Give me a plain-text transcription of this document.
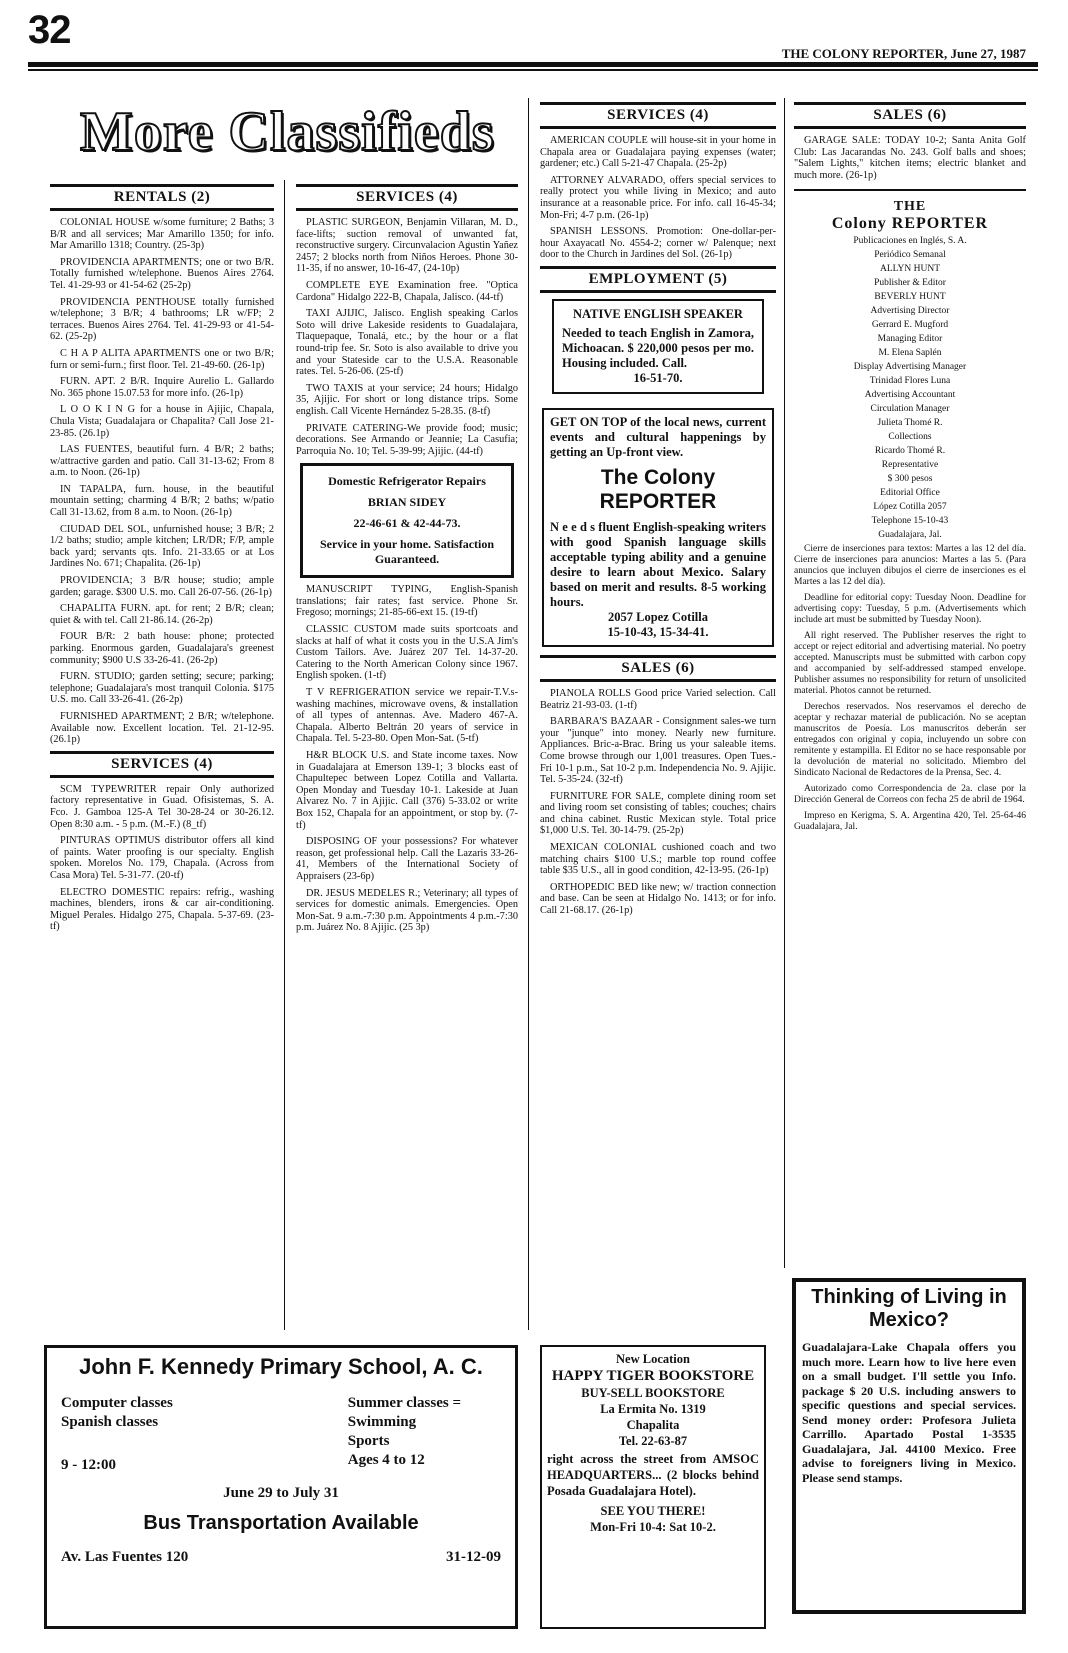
32
THE COLONY REPORTER, June 27, 1987
More Classifieds
RENTALS (2)

COLONIAL HOUSE w/some furniture; 2 Baths; 3 B/R and all services; Mar Amarillo 1350; for info. Mar Amarillo 1318; Country. (25-3p)

PROVIDENCIA APARTMENTS; one or two B/R. Totally furnished w/telephone. Buenos Aires 2764. Tel. 41-29-93 or 41-54-62 (25-2p)

PROVIDENCIA PENTHOUSE totally furnished w/telephone; 3 B/R; 4 bathrooms; LR w/FP; 2 terraces. Buenos Aires 2764. Tel. 41-29-93 or 41-54-62. (25-2p)

C H A P ALITA APARTMENTS one or two B/R; furn or semi-furn.; first floor. Tel. 21-49-60. (26-1p)

FURN. APT. 2 B/R. Inquire Aurelio L. Gallardo No. 365 phone 15.07.53 for more info. (26-1p)

L O O K I N G for a house in Ajijic, Chapala, Chula Vista; Guadalajara or Chapalita? Call Jose 21-23-85. (26.1p)

LAS FUENTES, beautiful furn. 4 B/R; 2 baths; w/attractive garden and patio. Call 31-13-62; From 8 a.m. to Noon. (26-1p)

IN TAPALPA, furn. house, in the beautiful mountain setting; charming 4 B/R; 2 baths; w/patio Call 31-13.62, from 8 a.m. to Noon. (26-1p)

CIUDAD DEL SOL, unfurnished house; 3 B/R; 2 1/2 baths; studio; ample kitchen; LR/DR; F/P, ample back yard; servants qts. Info. 21-33.65 or at Los Jardines No. 671; Chapalita. (26-1p)

PROVIDENCIA; 3 B/R house; studio; ample garden; garage. $300 U.S. mo. Call 26-07-56. (26-1p)

CHAPALITA FURN. apt. for rent; 2 B/R; clean; quiet & with tel. Call 21-86.14. (26-2p)

FOUR B/R: 2 bath house: phone; protected parking. Enormous garden, Guadalajara's greenest community; $900 U.S 33-26-41. (26-2p)

FURN. STUDIO; garden setting; secure; parking; telephone; Guadalajara's most tranquil Colonia. $175 U.S. mo. Call 33-26-41. (26-2p)

FURNISHED APARTMENT; 2 B/R; w/telephone. Available now. Excellent location. Tel. 21-12-95. (26.1p)

SERVICES (4)

SCM TYPEWRITER repair Only authorized factory representative in Guad. Ofisistemas, S. A. Fco. J. Gamboa 125-A Tel 30-28-24 or 30-26.12. Open 8:30 a.m. - 5 p.m. (M.-F.) (8_tf)

PINTURAS OPTIMUS distributor offers all kind of paints. Water proofing is our specialty. English spoken. Morelos No. 179, Chapala. (Across from Casa Mora) Tel. 5-31-77. (20-tf)

ELECTRO DOMESTIC repairs: refrig., washing machines, blenders, irons & car air-conditioning. Miguel Perales. Hidalgo 275, Chapala. 5-37-69. (23-tf)

SERVICES (4)

PLASTIC SURGEON, Benjamin Villaran, M. D., face-lifts; suction removal of unwanted fat, reconstructive surgery. Circunvalacion Agustin Yañez 2457; 2 blocks north from Niños Heroes. Phone 30-11-35, if no answer, 10-16-47, (24-10p)

COMPLETE EYE Examination free. "Optica Cardona" Hidalgo 222-B, Chapala, Jalisco. (44-tf)

TAXI AJIJIC, Jalisco. English speaking Carlos Soto will drive Lakeside residents to Guadalajara, Tlaquepaque, Tonalá, etc.; by the hour or a flat round-trip fee. Sr. Soto is also available to drive you and your Stateside car to the U.S.A. Reasonable rates. Tel. 5-26-06. (25-tf)

TWO TAXIS at your service; 24 hours; Hidalgo 35, Ajijic. For short or long distance trips. Some english. Call Vicente Hernández 5-28.35. (8-tf)

PRIVATE CATERING-We provide food; music; decorations. See Armando or Jeannie; La Casufia; Parroquia No. 10; Tel. 5-39-99; Ajijic. (44-tf)

Domestic Refrigerator Repairs
BRIAN SIDEY
22-46-61 & 42-44-73.
Service in your home. Satisfaction Guaranteed.

MANUSCRIPT TYPING, English-Spanish translations; fair rates; fast service. Phone Sr. Fregoso; mornings; 21-85-66-ext 15. (19-tf)

CLASSIC CUSTOM made suits sportcoats and slacks at half of what it costs you in the U.S.A Jim's Custom Tailors. Ave. Juárez 207 Tel. 14-37-20. Catering to the North American Colony since 1967. English spoken. (1-tf)

T V REFRIGERATION service we repair-T.V.s-washing machines, microwave ovens, & installation of all types of antennas. Ave. Madero 467-A. Chapala. Alberto Beltrán 20 years of service in Chapala. Tel. 5-23-80. Open Mon-Sat. (5-tf)

H&R BLOCK U.S. and State income taxes. Now in Guadalajara at Emerson 139-1; 3 blocks east of Chapultepec between Lopez Cotilla and Vallarta. Open Monday and Tuesday 10-1. Lakeside at Juan Alvarez No. 7 in Ajijic. Call (376) 5-33.02 or write Box 152, Chapala for an appointment, or stop by. (7-tf)

DISPOSING OF your possessions? For whatever reason, get professional help. Call the Lazaris 33-26-41, Members of the International Society of Appraisers (23-6p)

DR. JESUS MEDELES R.; Veterinary; all types of services for domestic animals. Emergencies. Open Mon-Sat. 9 a.m.-7:30 p.m. Appointments 4 p.m.-7:30 p.m. Juárez No. 8 Ajijic. (25 3p)

SERVICES (4)

AMERICAN COUPLE will house-sit in your home in Chapala area or Guadalajara paying expenses (water; gardener; etc.) Call 5-21-47 Chapala. (25-2p)

ATTORNEY ALVARADO, offers special services to really protect you while living in Mexico; and auto insurance at a reasonable price. For info. call 16-45-34; Mon-Fri; 4-7 p.m. (26-1p)

SPANISH LESSONS. Promotion: One-dollar-per-hour Axayacatl No. 4554-2; corner w/ Palenque; next door to the Church in Jardines del Sol. (26-1p)

EMPLOYMENT (5)
NATIVE ENGLISH SPEAKER
Needed to teach English in Zamora, Michoacan. $ 220,000 pesos per mo. Housing included. Call.
16-51-70.
GET ON TOP of the local news, current events and cultural happenings by getting an Up-front view.
The Colony
REPORTER
N e e d s fluent English-speaking writers with good Spanish language skills acceptable typing ability and a genuine desire to learn about Mexico. Salary based on merit and results. 8-5 working hours.
2057 Lopez Cotilla
15-10-43, 15-34-41.
SALES (6)

PIANOLA ROLLS Good price Varied selection. Call Beatriz 21-93-03. (1-tf)

BARBARA'S BAZAAR - Consignment sales-we turn your "junque" into money. Nearly new furniture. Appliances. Bric-a-Brac. Bring us your saleable items. Come browse through our 1,001 treasures. Open Tues.-Fri 10-1 p.m., Sat 10-2 p.m. Independencia No. 9. Ajijic. Tel. 5-35-24. (32-tf)

FURNITURE FOR SALE, complete dining room set and living room set consisting of tables; couches; chairs and china cabinet. Rustic Mexican style. Total price $1,000 U.S. Tel. 30-14-79. (25-2p)

MEXICAN COLONIAL cushioned coach and two matching chairs $100 U.S.; marble top round coffee table $35 U.S., all in good condition, 42-13-95. (26-1p)

ORTHOPEDIC BED like new; w/ traction connection and base. Can be seen at Hidalgo No. 1413; or for info. Call 21-68.17. (26-1p)

New Location
HAPPY TIGER BOOKSTORE
BUY-SELL BOOKSTORE
La Ermita No. 1319
Chapalita
Tel. 22-63-87
right across the street from AMSOC HEADQUARTERS... (2 blocks behind Posada Guadalajara Hotel).
SEE YOU THERE!
Mon-Fri 10-4: Sat 10-2.
SALES (6)

GARAGE SALE: TODAY 10-2; Santa Anita Golf Club: Las Jacarandas No. 243. Golf balls and shoes; "Salem Lights," kitchen items; electric blanket and much more. (26-1p)

THE
Colony REPORTER
Publicaciones en Inglés, S. A.
Periódico Semanal
ALLYN HUNT
Publisher & Editor
BEVERLY HUNT
Advertising Director
Gerrard E. Mugford
Managing Editor
M. Elena Saplén
Display Advertising Manager
Trinidad Flores Luna
Advertising Accountant
Circulation Manager
Julieta Thomé R.
Collections
Ricardo Thomé R.
Representative
$ 300 pesos
Editorial Office
López Cotilla 2057
Telephone 15-10-43
Guadalajara, Jal.

Cierre de inserciones para textos: Martes a las 12 del día. Cierre de inserciones para anuncios: Martes a las 5. (Para anuncios que incluyen dibujos el cierre de inserciones es el Martes a las 12 del día).

Deadline for editorial copy: Tuesday Noon. Deadline for advertising copy: Tuesday, 5 p.m. (Advertisements which include art must be submitted by Tuesday Noon).

All right reserved. The Publisher reserves the right to accept or reject editorial and advertising material. No poetry accepted. Manuscripts must be submitted with carbon copy and accompanied by self-addressed stamped envelope. Publisher assumes no responsibility for return of unsolicited material. Photos cannot be returned.

Derechos reservados. Nos reservamos el derecho de aceptar y rechazar material de publicación. No se aceptan manuscritos de Poesía. Los manuscritos deberán ser entregados con original y copia, incluyendo un sobre con remitente y estampilla. El Editor no se hace responsable por la devolución de material no solicitado. Miembro del Sindicato Nacional de Redactores de la Prensa, Sec. 4.

Autorizado como Correspondencia de 2a. clase por la Dirección General de Correos con fecha 25 de abril de 1964.

Impreso en Kerigma, S. A. Argentina 420, Tel. 25-64-46 Guadalajara, Jal.

John F. Kennedy Primary School, A. C.
Computer classes
Spanish classes
9 - 12:00
Summer classes =
Swimming
Sports
Ages 4 to 12
June 29 to July 31
Bus Transportation Available
Av. Las Fuentes 120	31-12-09
Thinking of Living in Mexico?
Guadalajara-Lake Chapala offers you much more. Learn how to live here even on a small budget. I'll settle you Info. package $ 20 U.S. including answers to specific questions and special services. Send money order: Profesora Julieta Carrillo. Apartado Postal 1-3535 Guadalajara, Jal. 44100 Mexico. Free advise to foreigners living in Mexico. Please send stamps.
